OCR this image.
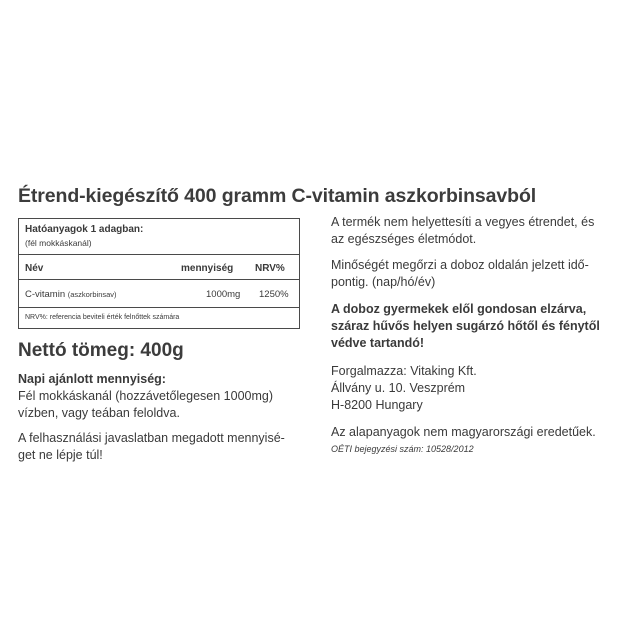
Étrend-kiegészítő 400 gramm C-vitamin aszkorbinsavból
Hatóanyagok 1 adagban:
(fél mokkáskanál)
Név	mennyiség NRV%
C-vitamin (aszkorbinsav)	1000mg 1250%
NRV%: referencia beviteli érték felnőttek számára
Nettó tömeg: 400g
Napi ajánlott mennyiség:
Fél mokkáskanál (hozzávetőlegesen 1000mg)
vízben, vagy teában feloldva.
A felhasználási javaslatban megadott mennyisé-
get ne lépje túl!
A termék nem helyettesíti a vegyes étrendet, és
az egészséges életmódot.
Minőségét megőrzi a doboz oldalán jelzett idő-
pontig. (nap/hó/év)
A doboz gyermekek elől gondosan elzárva,
száraz hűvős helyen sugárzó hőtől és fénytől
védve tartandó!
Forgalmazza: Vitaking Kft.
Állvány u. 10. Veszprém
H-8200 Hungary
Az alapanyagok nem magyarországi eredetűek.
OÉTI bejegyzési szám: 10528/2012
